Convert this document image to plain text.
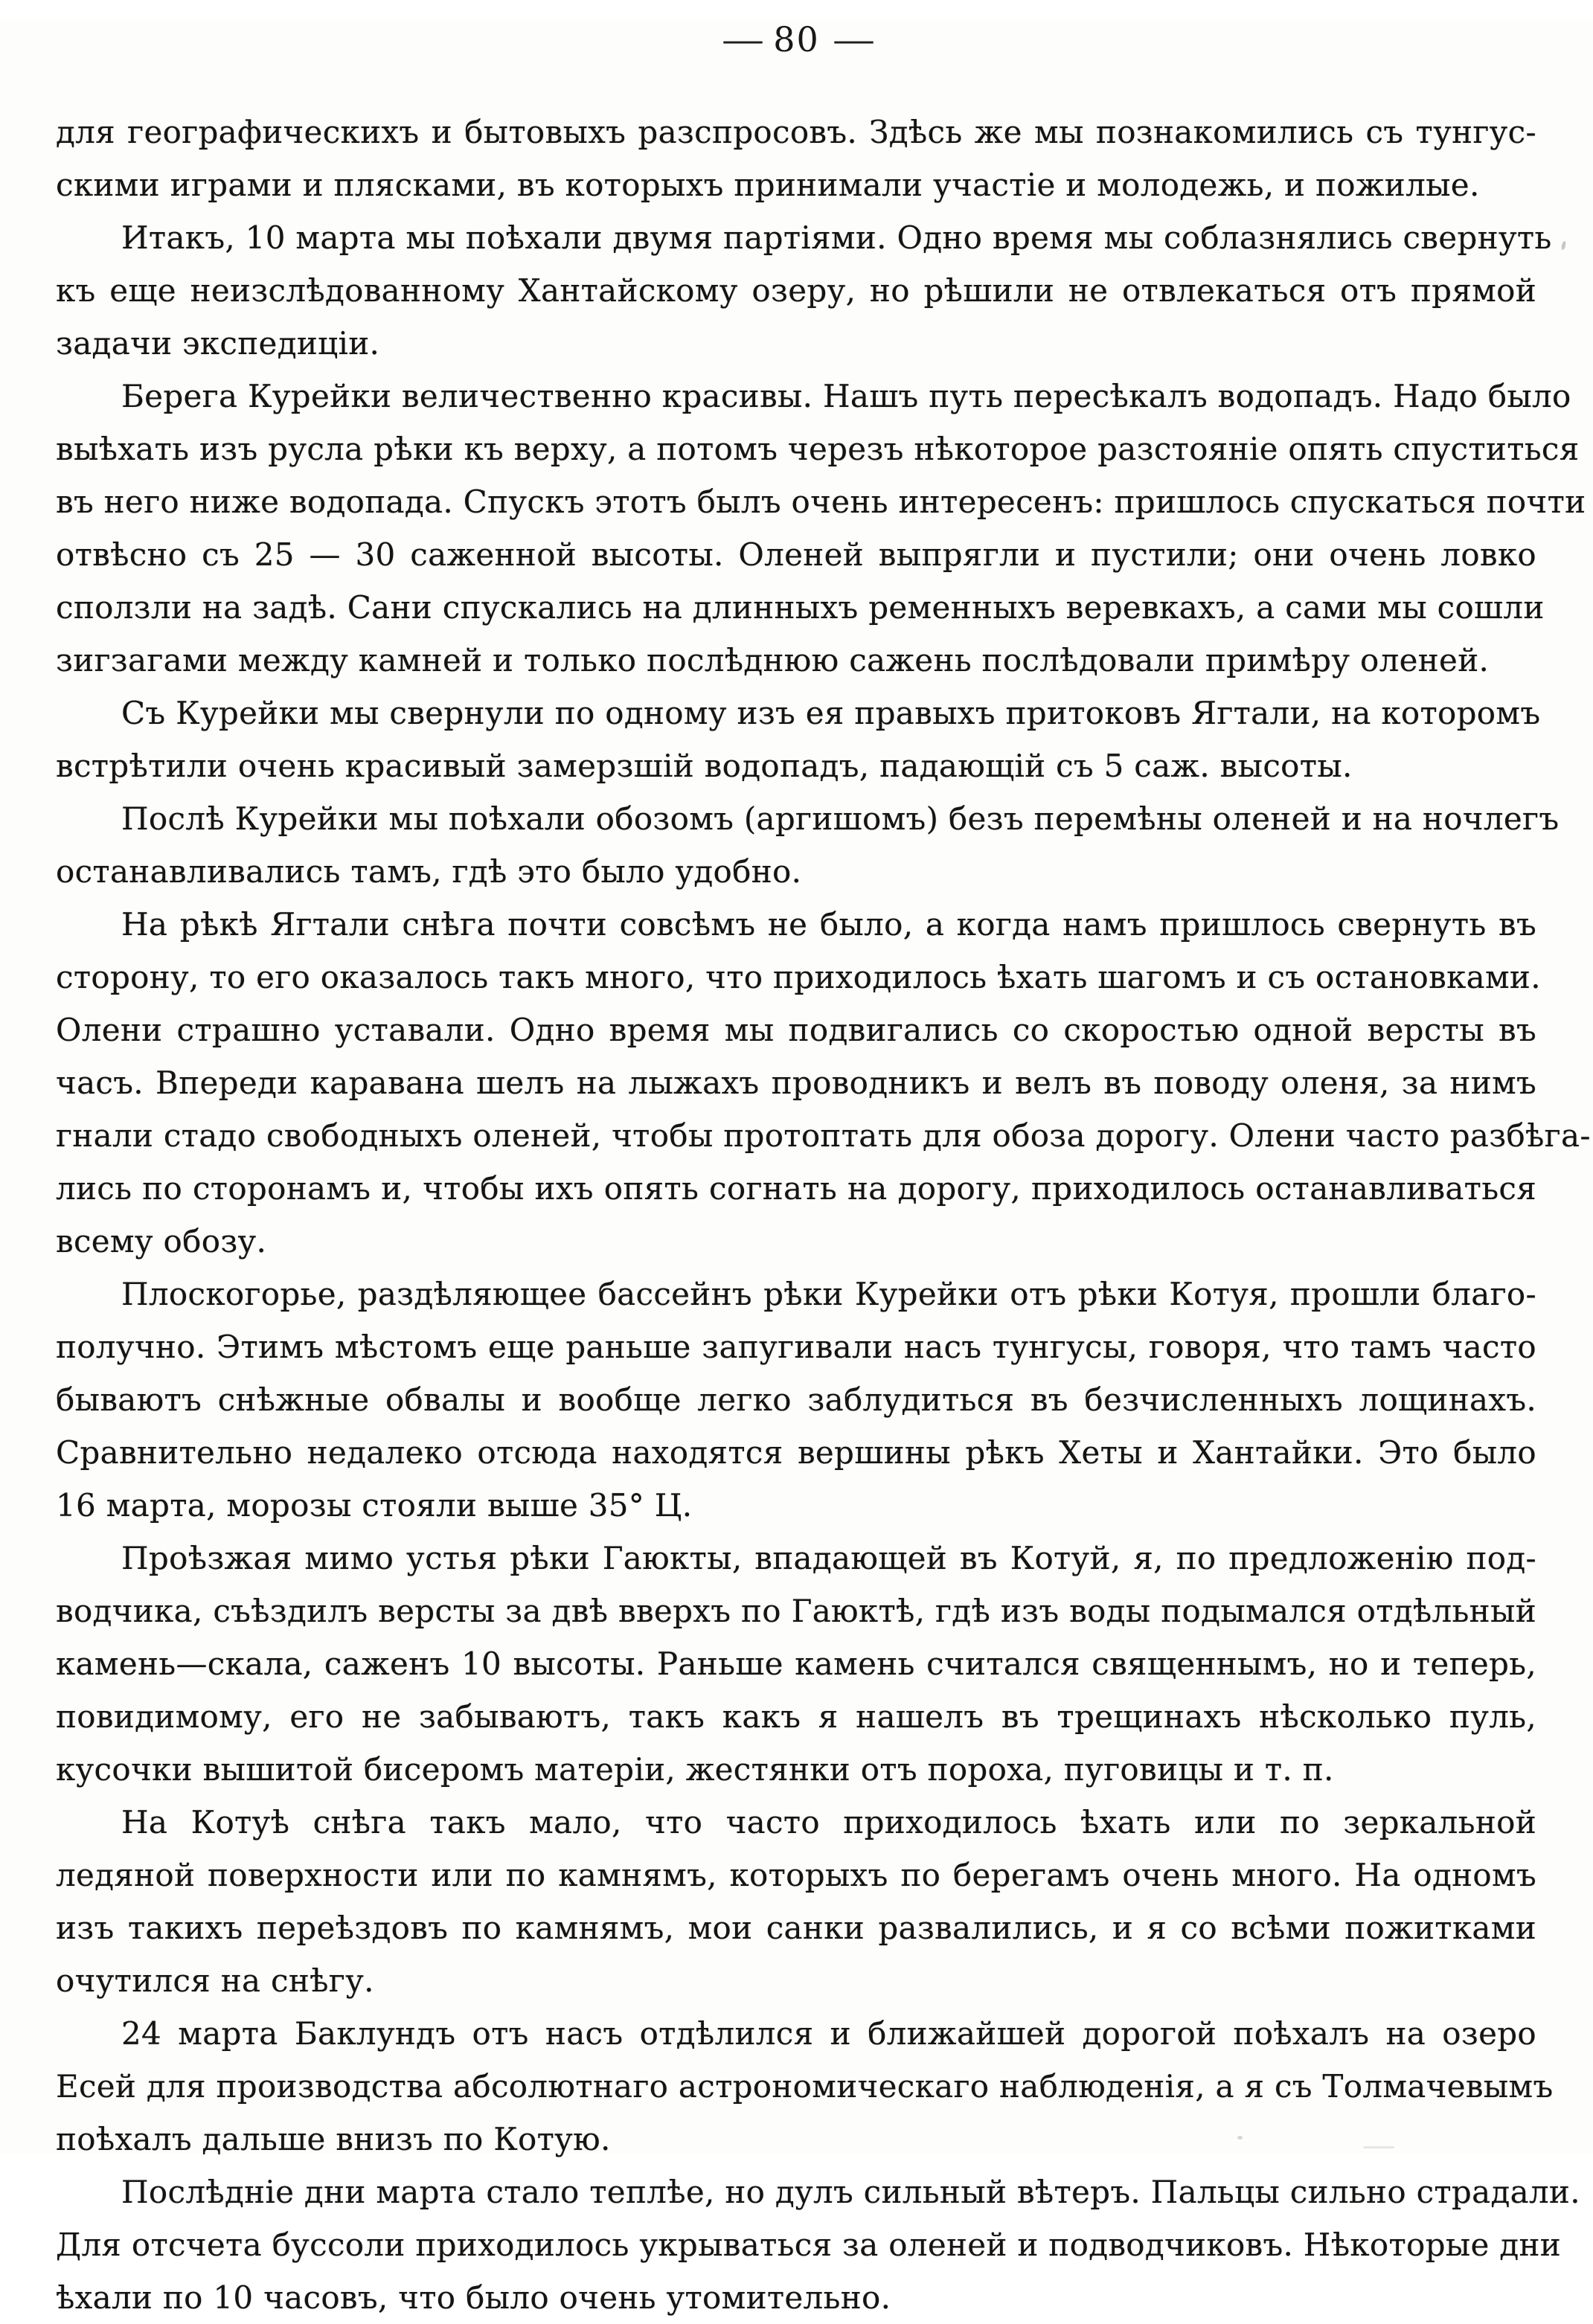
— 80 —
для географическихъ и бытовыхъ разспросовъ. Здѣсь же мы познакомились съ тунгус-
скими играми и плясками, въ которыхъ принимали участіе и молодежь, и пожилые.
Итакъ, 10 марта мы поѣхали двумя партіями. Одно время мы соблазнялись свернуть
къ еще неизслѣдованному Хантайскому озеру, но рѣшили не отвлекаться отъ прямой
задачи экспедиціи.
Берега Курейки величественно красивы. Нашъ путь пересѣкалъ водопадъ. Надо было
выѣхать изъ русла рѣки къ верху, а потомъ черезъ нѣкоторое разстояніе опять спуститься
въ него ниже водопада. Спускъ этотъ былъ очень интересенъ: пришлось спускаться почти
отвѣсно съ 25 — 30 саженной высоты. Оленей выпрягли и пустили; они очень ловко
сползли на задѣ. Сани спускались на длинныхъ ременныхъ веревкахъ, а сами мы сошли
зигзагами между камней и только послѣднюю сажень послѣдовали примѣру оленей.
Съ Курейки мы свернули по одному изъ ея правыхъ притоковъ Ягтали, на которомъ
встрѣтили очень красивый замерзшій водопадъ, падающій съ 5 саж. высоты.
Послѣ Курейки мы поѣхали обозомъ (аргишомъ) безъ перемѣны оленей и на ночлегъ
останавливались тамъ, гдѣ это было удобно.
На рѣкѣ Ягтали снѣга почти совсѣмъ не было, а когда намъ пришлось свернуть въ
сторону, то его оказалось такъ много, что приходилось ѣхать шагомъ и съ остановками.
Олени страшно уставали. Одно время мы подвигались со скоростью одной версты въ
часъ. Впереди каравана шелъ на лыжахъ проводникъ и велъ въ поводу оленя, за нимъ
гнали стадо свободныхъ оленей, чтобы протоптать для обоза дорогу. Олени часто разбѣга-
лись по сторонамъ и, чтобы ихъ опять согнать на дорогу, приходилось останавливаться
всему обозу.
Плоскогорье, раздѣляющее бассейнъ рѣки Курейки отъ рѣки Котуя, прошли благо-
получно. Этимъ мѣстомъ еще раньше запугивали насъ тунгусы, говоря, что тамъ часто
бываютъ снѣжные обвалы и вообще легко заблудиться въ безчисленныхъ лощинахъ.
Сравнительно недалеко отсюда находятся вершины рѣкъ Хеты и Хантайки. Это было
16 марта, морозы стояли выше 35° Ц.
Проѣзжая мимо устья рѣки Гаюкты, впадающей въ Котуй, я, по предложенію под-
водчика, съѣздилъ версты за двѣ вверхъ по Гаюктѣ, гдѣ изъ воды подымался отдѣльный
камень—скала, саженъ 10 высоты. Раньше камень считался священнымъ, но и теперь,
повидимому, его не забываютъ, такъ какъ я нашелъ въ трещинахъ нѣсколько пуль,
кусочки вышитой бисеромъ матеріи, жестянки отъ пороха, пуговицы и т. п.
На Котуѣ снѣга такъ мало, что часто приходилось ѣхать или по зеркальной
ледяной поверхности или по камнямъ, которыхъ по берегамъ очень много. На одномъ
изъ такихъ переѣздовъ по камнямъ, мои санки развалились, и я со всѣми пожитками
очутился на снѣгу.
24 марта Баклундъ отъ насъ отдѣлился и ближайшей дорогой поѣхалъ на озеро
Есей для производства абсолютнаго астрономическаго наблюденія, а я съ Толмачевымъ
поѣхалъ дальше внизъ по Котую.
Послѣдніе дни марта стало теплѣе, но дулъ сильный вѣтеръ. Пальцы сильно страдали.
Для отсчета буссоли приходилось укрываться за оленей и подводчиковъ. Нѣкоторые дни
ѣхали по 10 часовъ, что было очень утомительно.
